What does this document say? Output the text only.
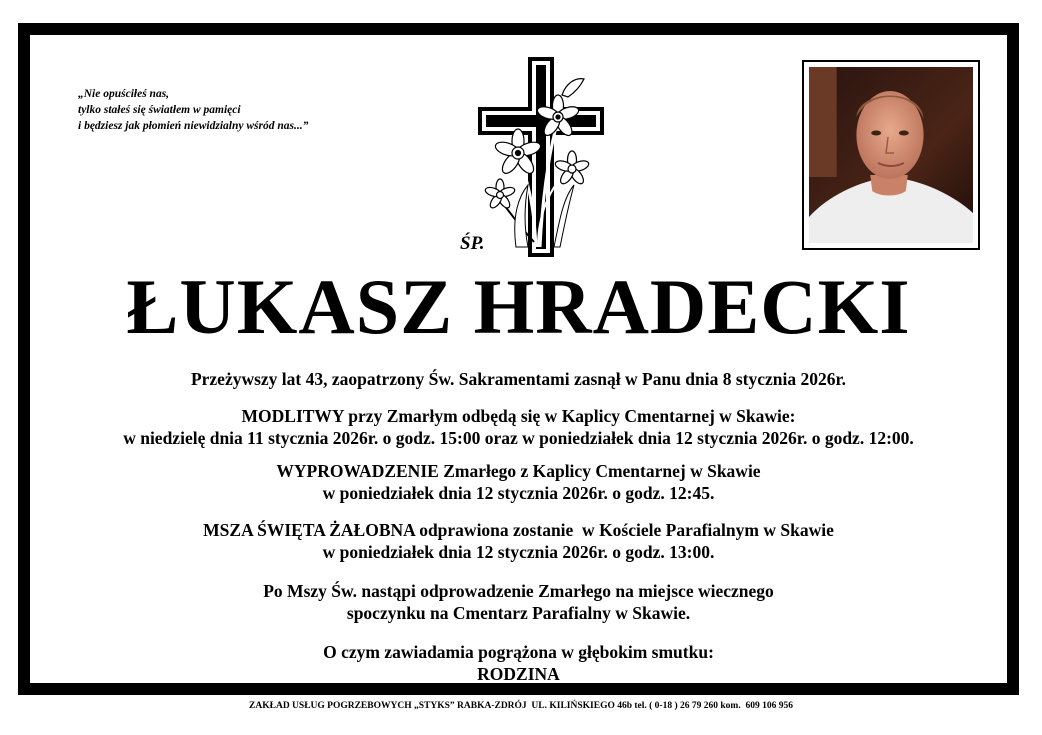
„Nie opuściłeś nas,
tylko stałeś się światłem w pamięci
i będziesz jak płomień niewidzialny wśród nas...”
ŚP.
ŁUKASZ HRADECKI
Przeżywszy lat 43, zaopatrzony Św. Sakramentami zasnął w Panu dnia 8 stycznia 2026r.
MODLITWY przy Zmarłym odbędą się w Kaplicy Cmentarnej w Skawie:
w niedzielę dnia 11 stycznia 2026r. o godz. 15:00 oraz w poniedziałek dnia 12 stycznia 2026r. o godz. 12:00.
WYPROWADZENIE Zmarłego z Kaplicy Cmentarnej w Skawie
w poniedziałek dnia 12 stycznia 2026r. o godz. 12:45.
MSZA ŚWIĘTA ŻAŁOBNA odprawiona zostanie  w Kościele Parafialnym w Skawie
w poniedziałek dnia 12 stycznia 2026r. o godz. 13:00.
Po Mszy Św. nastąpi odprowadzenie Zmarłego na miejsce wiecznego
spoczynku na Cmentarz Parafialny w Skawie.
O czym zawiadamia pogrążona w głębokim smutku:
RODZINA
ZAKŁAD USŁUG POGRZEBOWYCH „STYKS” RABKA-ZDRÓJ  UL. KILIŃSKIEGO 46b tel. ( 0-18 ) 26 79 260 kom.  609 106 956
